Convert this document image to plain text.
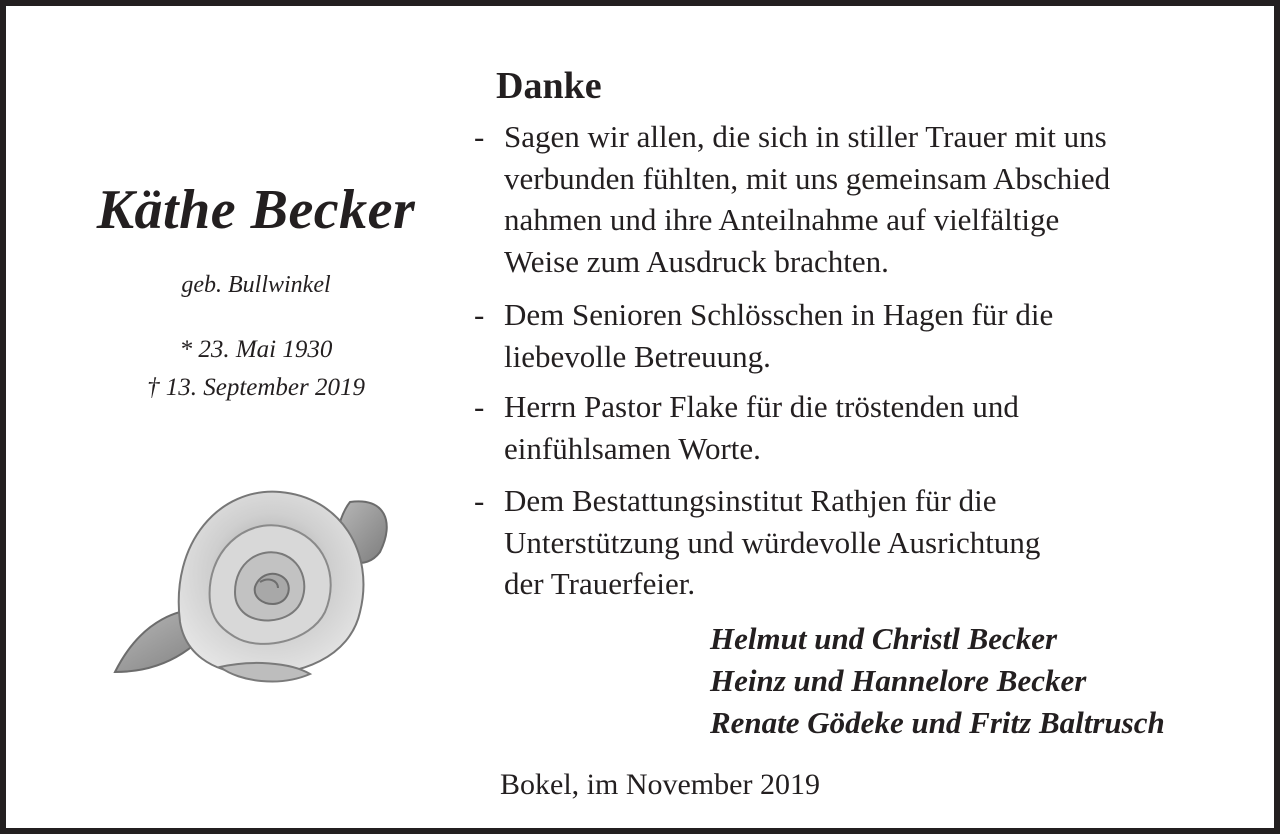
Käthe Becker
geb. Bullwinkel
* 23. Mai 1930
† 13. September 2019
Danke
- Sagen wir allen, die sich in stiller Trauer mit uns
verbunden fühlten, mit uns gemeinsam Abschied
nahmen und ihre Anteilnahme auf vielfältige
Weise zum Ausdruck brachten.
- Dem Senioren Schlösschen in Hagen für die
liebevolle Betreuung.
- Herrn Pastor Flake für die tröstenden und
einfühlsamen Worte.
- Dem Bestattungsinstitut Rathjen für die
Unterstützung und würdevolle Ausrichtung
der Trauerfeier.
Helmut und Christl Becker
Heinz und Hannelore Becker
Renate Gödeke und Fritz Baltrusch
Bokel, im November 2019
